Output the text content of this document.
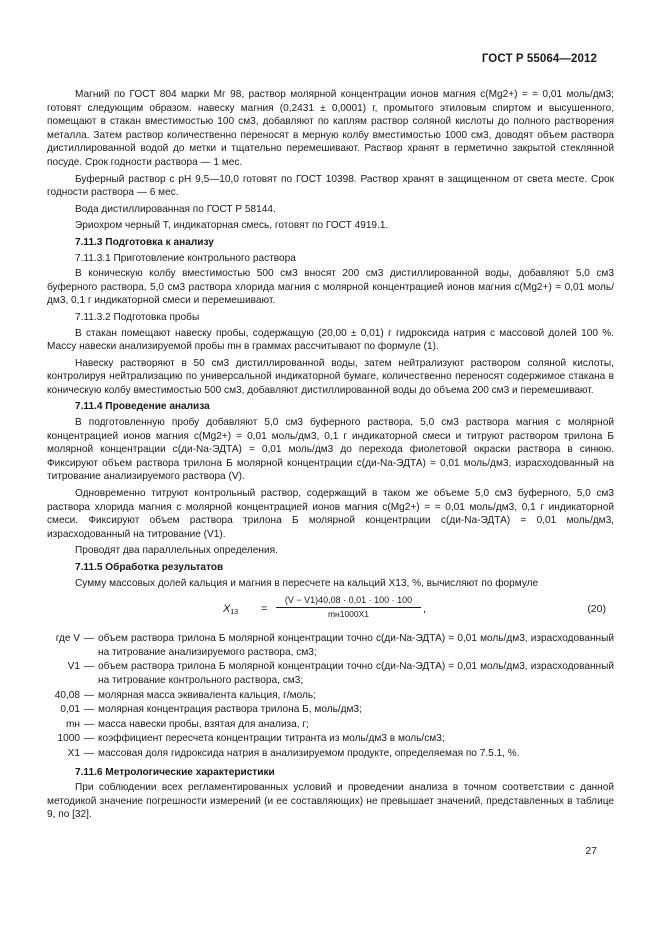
ГОСТ Р 55064—2012

Магний по ГОСТ 804 марки Мг 98, раствор молярной концентрации ионов магния c(Mg2+) = = 0,01 моль/дм3; готовят следующим образом. навеску магния (0,2431 ± 0,0001) г, промытого этиловым спиртом и высушенного, помещают в стакан вместимостью 100 см3, добавляют по каплям раствор соляной кислоты до полного растворения металла. Затем раствор количественно переносят в мерную колбу вместимостью 1000 см3, доводят объем раствора дистиллированной водой до метки и тщательно перемешивают. Раствор хранят в герметично закрытой стеклянной посуде. Срок годности раствора — 1 мес.

Буферный раствор с рН 9,5—10,0 готовят по ГОСТ 10398. Раствор хранят в защищенном от света месте. Срок годности раствора — 6 мес.

Вода дистиллированная по ГОСТ Р 58144.

Эриохром черный Т, индикаторная смесь, готовят по ГОСТ 4919.1.

7.11.3 Подготовка к анализу
7.11.3.1 Приготовление контрольного раствора

В коническую колбу вместимостью 500 см3 вносят 200 см3 дистиллированной воды, добавляют 5,0 см3 буферного раствора, 5,0 см3 раствора хлорида магния с молярной концентрацией ионов магния c(Mg2+) = 0,01 моль/дм3, 0,1 г индикаторной смеси и перемешивают.

7.11.3.2 Подготовка пробы

В стакан помещают навеску пробы, содержащую (20,00 ± 0,01) г гидроксида натрия с массовой долей 100 %. Массу навески анализируемой пробы mн в граммах рассчитывают по формуле (1).

Навеску растворяют в 50 см3 дистиллированной воды, затем нейтрализуют раствором соляной кислоты, контролируя нейтрализацию по универсальной индикаторной бумаге, количественно переносят содержимое стакана в коническую колбу вместимостью 500 см3, добавляют дистиллированной воды до объема 200 см3 и перемешивают.

7.11.4 Проведение анализа

В подготовленную пробу добавляют 5,0 см3 буферного раствора, 5,0 см3 раствора магния с молярной концентрацией ионов магния c(Mg2+) = 0,01 моль/дм3, 0,1 г индикаторной смеси и титруют раствором трилона Б молярной концентрации c(ди-Na-ЭДТА) = 0,01 моль/дм3 до перехода фиолетовой окраски раствора в синюю. Фиксируют объем раствора трилона Б молярной концентрации c(ди-Na-ЭДТА) = 0,01 моль/дм3, израсходованный на титрование анализируемого раствора (V).

Одновременно титруют контрольный раствор, содержащий в таком же объеме 5,0 см3 буферного, 5,0 см3 раствора хлорида магния с молярной концентрацией ионов магния c(Mg2+) = = 0,01 моль/дм3, 0,1 г индикаторной смеси. Фиксируют объем раствора трилона Б молярной концентрации c(ди-Na-ЭДТА) = 0,01 моль/дм3, израсходованный на титрование (V1).

Проводят два параллельных определения.

7.11.5 Обработка результатов

Сумму массовых долей кальция и магния в пересчете на кальций X13, %, вычисляют по формуле

$X_{13}$ =
(V − V1)40,08 · 0,01 · 100 · 100
mн1000X1	,	(20)
где V — объем раствора трилона Б молярной концентрации точно c(ди-Na-ЭДТА) = 0,01 моль/дм3, израсходованный на титрование анализируемого раствора, см3;
V1 — объем раствора трилона Б молярной концентрации точно c(ди-Na-ЭДТА) = 0,01 моль/дм3, израсходованный на титрование контрольного раствора, см3;
40,08 — молярная масса эквивалента кальция, г/моль;
0,01 — молярная концентрация раствора трилона Б, моль/дм3;
mн — масса навески пробы, взятая для анализа, г;
1000 — коэффициент пересчета концентрации титранта из моль/дм3 в моль/см3;
X1 — массовая доля гидроксида натрия в анализируемом продукте, определяемая по 7.5.1, %.
7.11.6 Метрологические характеристики

При соблюдении всех регламентированных условий и проведении анализа в точном соответствии с данной методикой значение погрешности измерений (и ее составляющих) не превышает значений, представленных в таблице 9, по [32].

27
